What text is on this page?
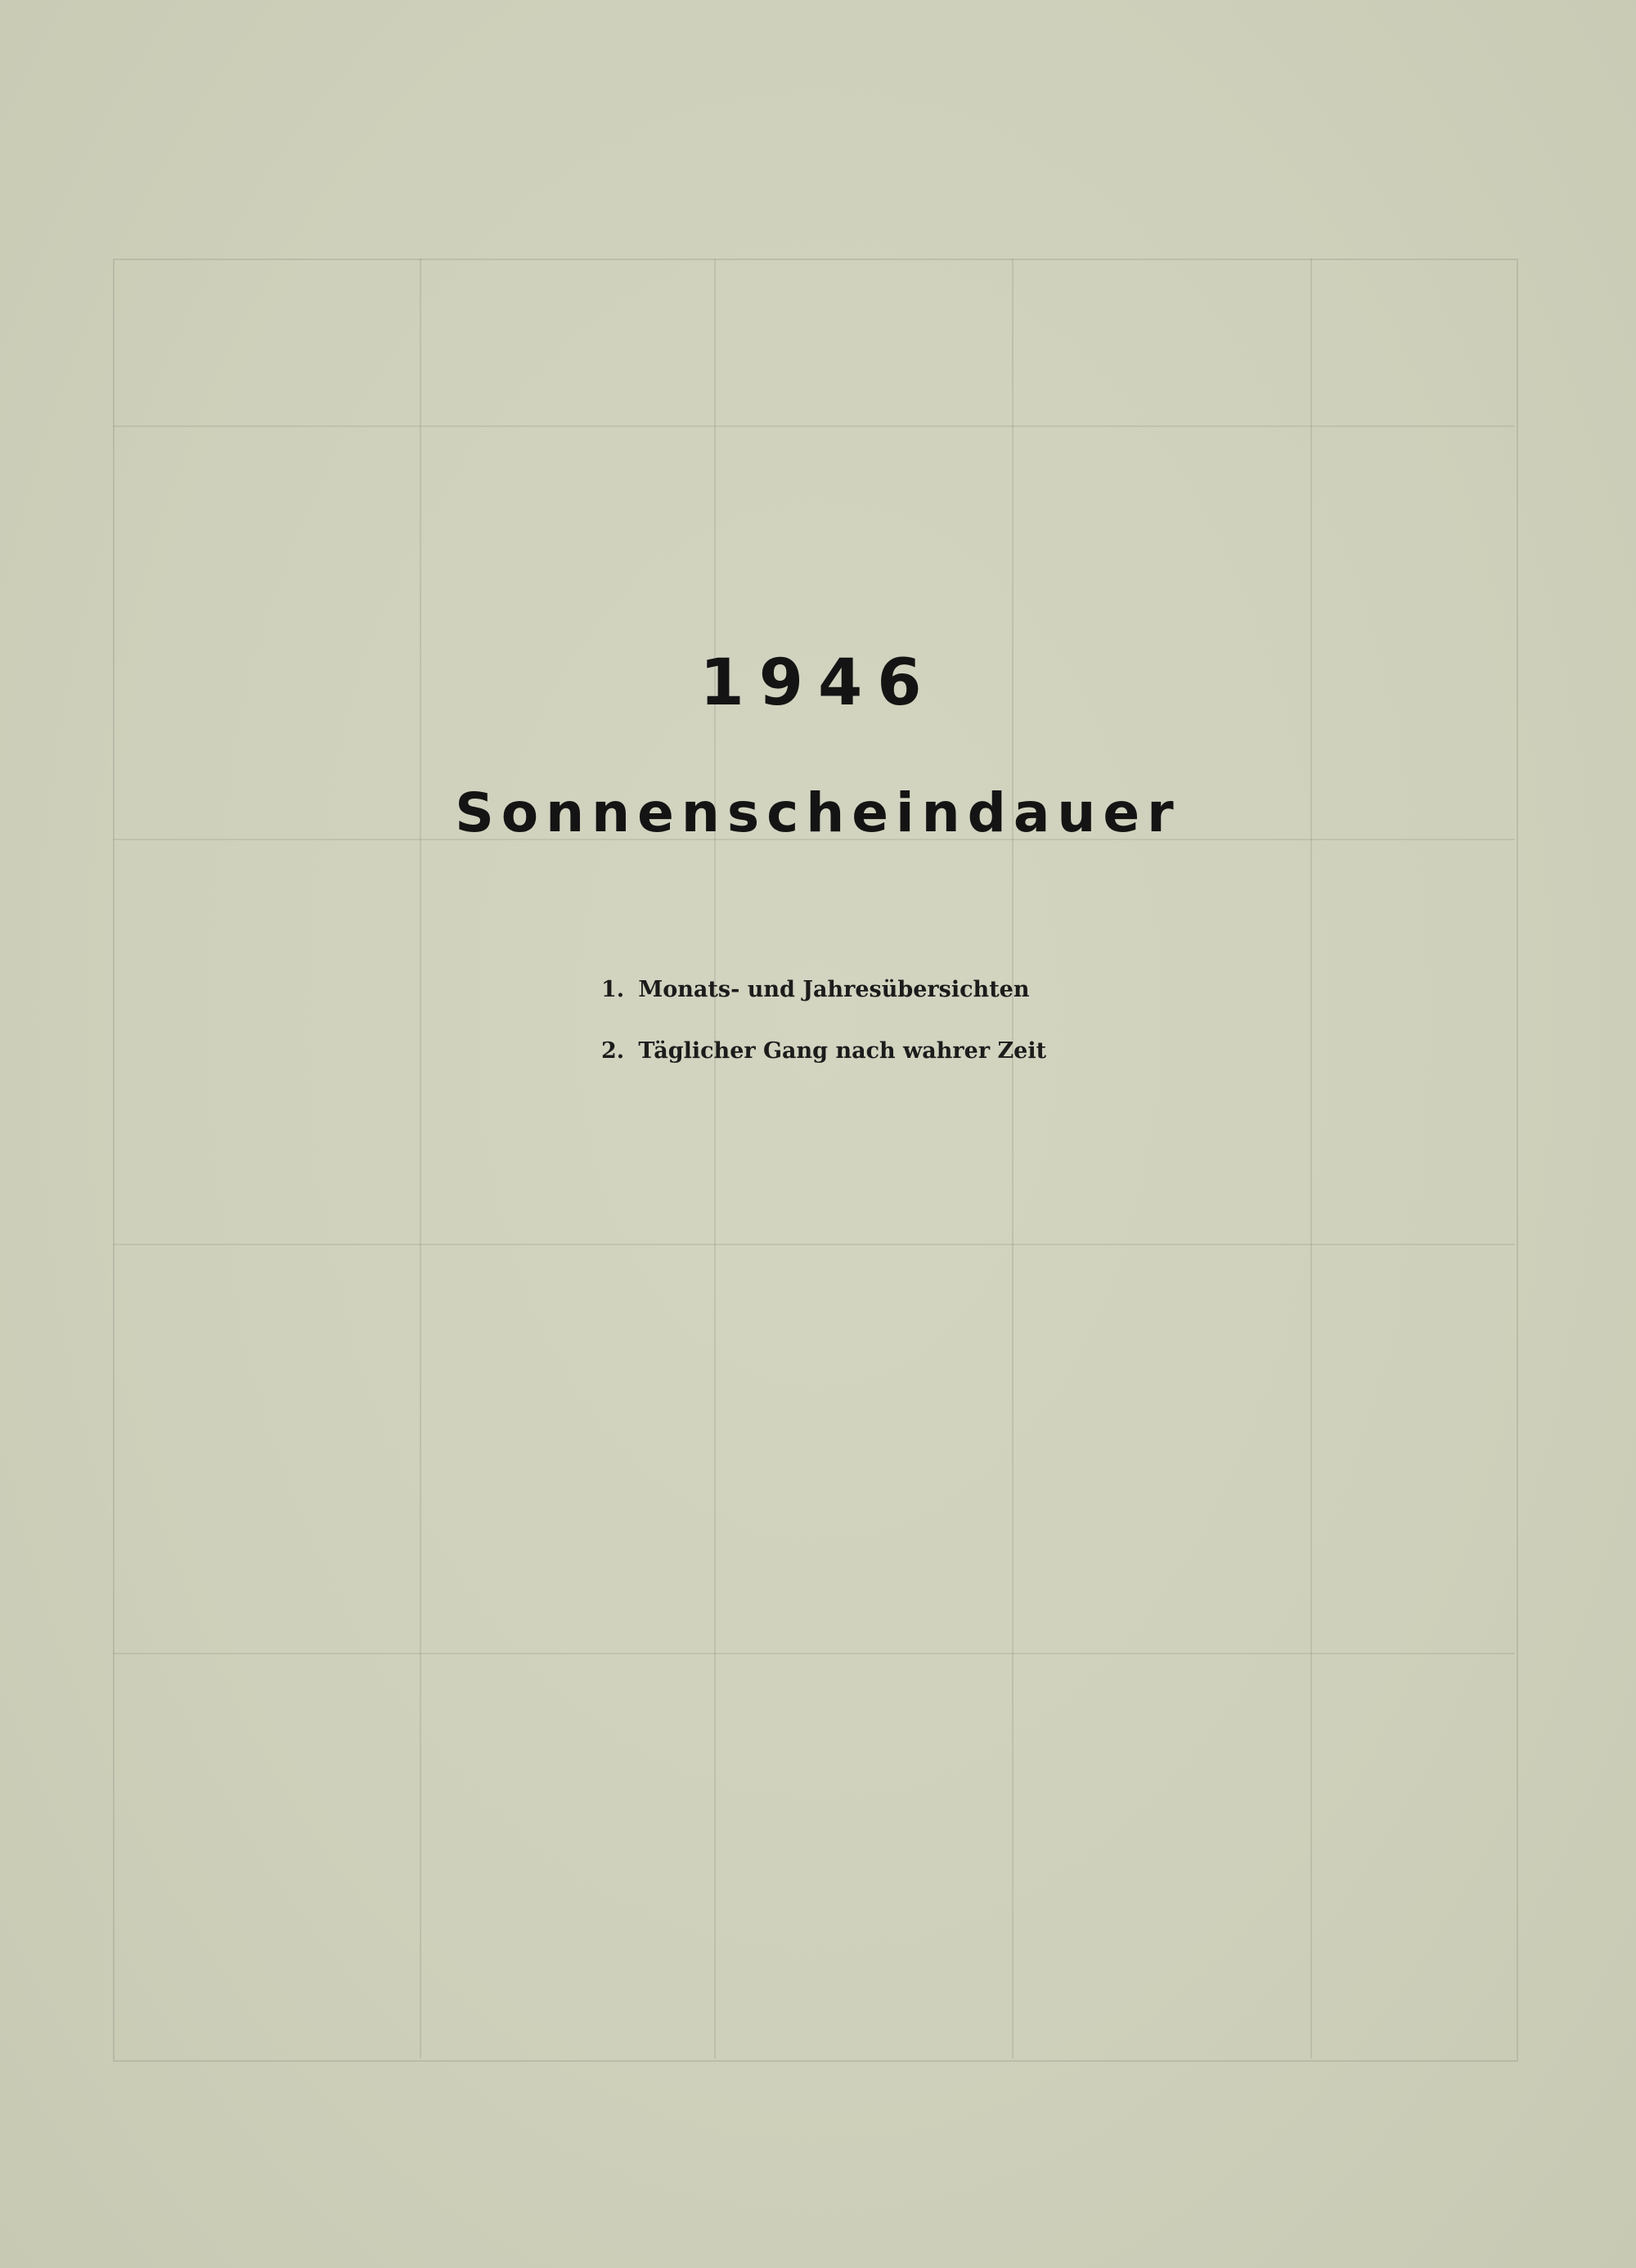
1946
Sonnenscheindauer
1. Monats- und Jahresübersichten
2. Täglicher Gang nach wahrer Zeit
